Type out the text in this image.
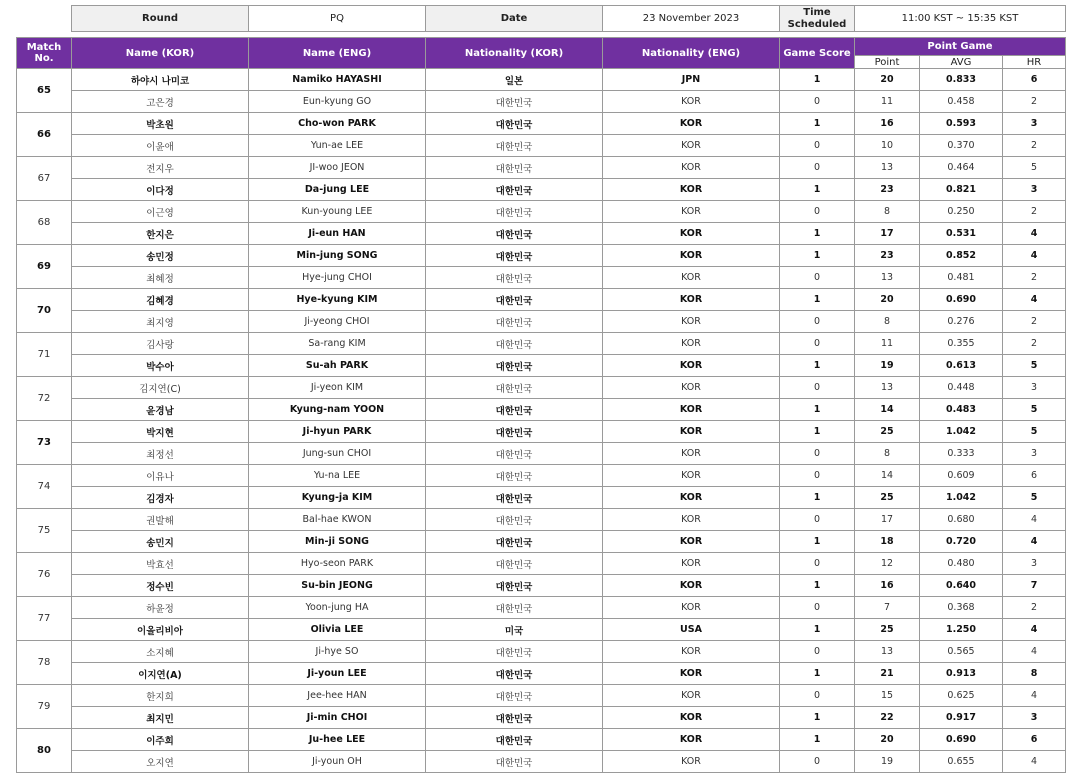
Round	PQ	Date	23 November 2023	Time Scheduled	11:00 KST ~ 15:35 KST
Match No.	Name (KOR)	Name (ENG)	Nationality (KOR)	Nationality (ENG)	Game Score	Point Game		
						Point	AVG	HR
65	하야시 나미코	Namiko HAYASHI	일본	JPN	1	20	0.833	6
	고은경	Eun-kyung GO	대한민국	KOR	0	11	0.458	2
66	박초원	Cho-won PARK	대한민국	KOR	1	16	0.593	3
	이윤애	Yun-ae LEE	대한민국	KOR	0	10	0.370	2
67	전지우	JI-woo JEON	대한민국	KOR	0	13	0.464	5
	이다정	Da-jung LEE	대한민국	KOR	1	23	0.821	3
68	이근영	Kun-young LEE	대한민국	KOR	0	8	0.250	2
	한지은	Ji-eun HAN	대한민국	KOR	1	17	0.531	4
69	송민정	Min-jung SONG	대한민국	KOR	1	23	0.852	4
	최혜정	Hye-jung CHOI	대한민국	KOR	0	13	0.481	2
70	김혜경	Hye-kyung KIM	대한민국	KOR	1	20	0.690	4
	최지영	Ji-yeong CHOI	대한민국	KOR	0	8	0.276	2
71	김사랑	Sa-rang KIM	대한민국	KOR	0	11	0.355	2
	박수아	Su-ah PARK	대한민국	KOR	1	19	0.613	5
72	김지연(C)	Ji-yeon KIM	대한민국	KOR	0	13	0.448	3
	윤경남	Kyung-nam YOON	대한민국	KOR	1	14	0.483	5
73	박지현	Ji-hyun PARK	대한민국	KOR	1	25	1.042	5
	최정선	Jung-sun CHOI	대한민국	KOR	0	8	0.333	3
74	이유나	Yu-na LEE	대한민국	KOR	0	14	0.609	6
	김경자	Kyung-ja KIM	대한민국	KOR	1	25	1.042	5
75	권발해	Bal-hae KWON	대한민국	KOR	0	17	0.680	4
	송민지	Min-ji SONG	대한민국	KOR	1	18	0.720	4
76	박효선	Hyo-seon PARK	대한민국	KOR	0	12	0.480	3
	정수빈	Su-bin JEONG	대한민국	KOR	1	16	0.640	7
77	하윤정	Yoon-jung HA	대한민국	KOR	0	7	0.368	2
	이올리비아	Olivia LEE	미국	USA	1	25	1.250	4
78	소지혜	Ji-hye SO	대한민국	KOR	0	13	0.565	4
	이지연(A)	Ji-youn LEE	대한민국	KOR	1	21	0.913	8
79	한지희	Jee-hee HAN	대한민국	KOR	0	15	0.625	4
	최지민	Ji-min CHOI	대한민국	KOR	1	22	0.917	3
80	이주희	Ju-hee LEE	대한민국	KOR	1	20	0.690	6
	오지연	Ji-youn OH	대한민국	KOR	0	19	0.655	4
